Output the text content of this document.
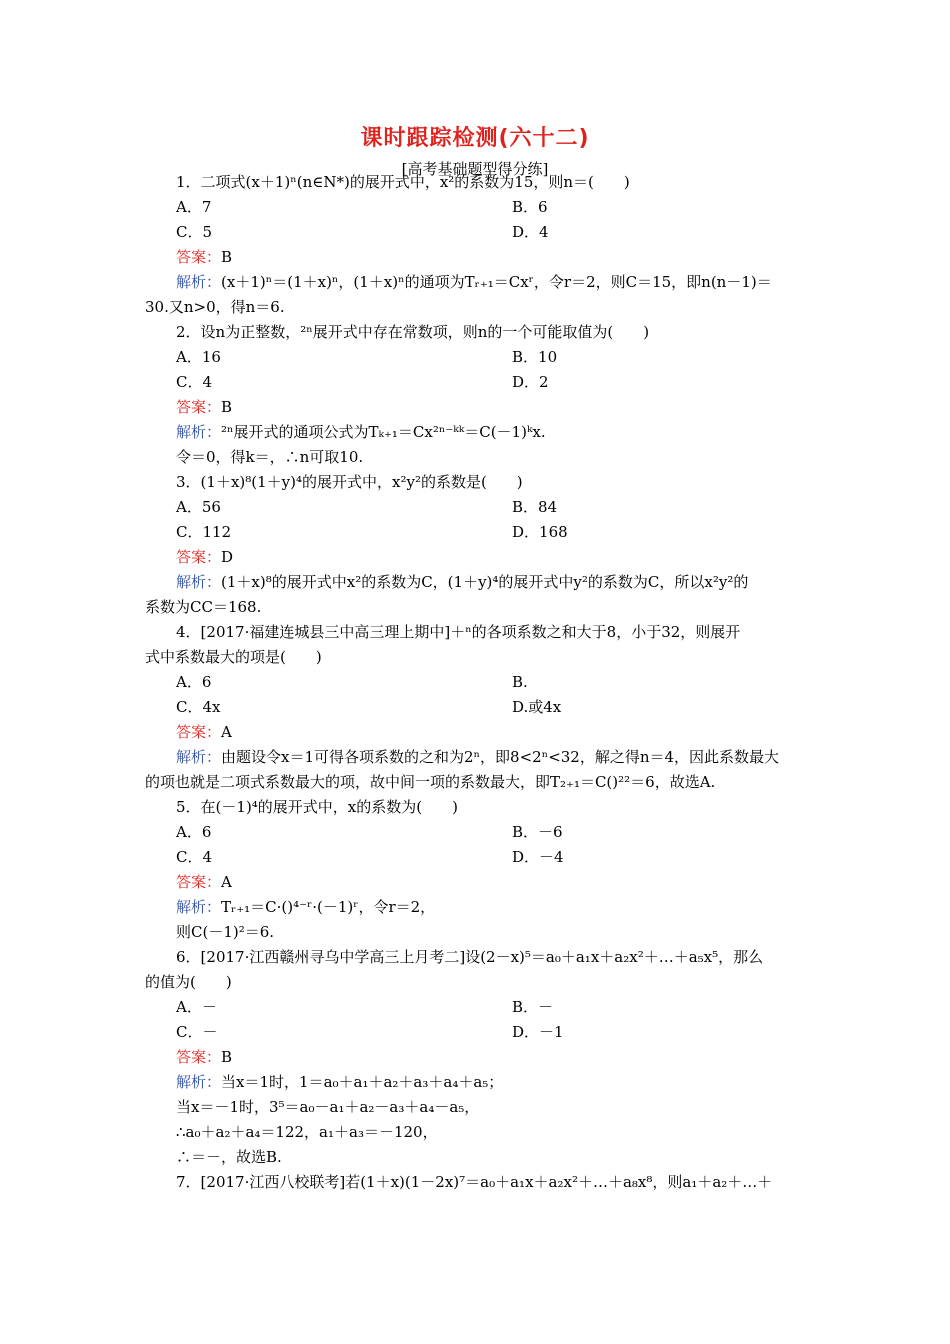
课时跟踪检测(六十二)
[高考基础题型得分练]
1．二项式(x＋1)ⁿ(n∈N*)的展开式中，x²的系数为15，则n＝(　　)
A．7	B．6
C．5	D．4
答案：B
解析：(x＋1)ⁿ＝(1＋x)ⁿ，(1＋x)ⁿ的通项为Tᵣ₊₁＝Cxʳ，令r＝2，则C＝15，即n(n－1)＝
30.又n>0，得n＝6.
2．设n为正整数，²ⁿ展开式中存在常数项，则n的一个可能取值为(　　)
A．16	B．10
C．4	D．2
答案：B
解析：²ⁿ展开式的通项公式为Tₖ₊₁＝Cx²ⁿ⁻ᵏᵏ＝C(－1)ᵏx.
令＝0，得k＝，∴n可取10.
3．(1＋x)⁸(1＋y)⁴的展开式中，x²y²的系数是(　　)
A．56	B．84
C．112	D．168
答案：D
解析：(1＋x)⁸的展开式中x²的系数为C，(1＋y)⁴的展开式中y²的系数为C，所以x²y²的
系数为CC＝168.
4．[2017·福建连城县三中高三理上期中]＋ⁿ的各项系数之和大于8，小于32，则展开
式中系数最大的项是(　　)
A．6	B.
C．4x	D.或4x
答案：A
解析：由题设令x＝1可得各项系数的之和为2ⁿ，即8<2ⁿ<32，解之得n＝4，因此系数最大
的项也就是二项式系数最大的项，故中间一项的系数最大，即T₂₊₁＝C()²²＝6，故选A.
5．在(－1)⁴的展开式中，x的系数为(　　)
A．6	B．－6
C．4	D．－4
答案：A
解析：Tᵣ₊₁＝C·()⁴⁻ʳ·(－1)ʳ，令r＝2，
则C(－1)²＝6.
6．[2017·江西赣州寻乌中学高三上月考二]设(2－x)⁵＝a₀＋a₁x＋a₂x²＋…＋a₅x⁵，那么
的值为(　　)
A．－	B．－
C．－	D．－1
答案：B
解析：当x＝1时，1＝a₀＋a₁＋a₂＋a₃＋a₄＋a₅；
当x＝－1时，3⁵＝a₀－a₁＋a₂－a₃＋a₄－a₅，
∴a₀＋a₂＋a₄＝122，a₁＋a₃＝－120，
∴＝－，故选B.
7．[2017·江西八校联考]若(1＋x)(1－2x)⁷＝a₀＋a₁x＋a₂x²＋…＋a₈x⁸，则a₁＋a₂＋…＋
